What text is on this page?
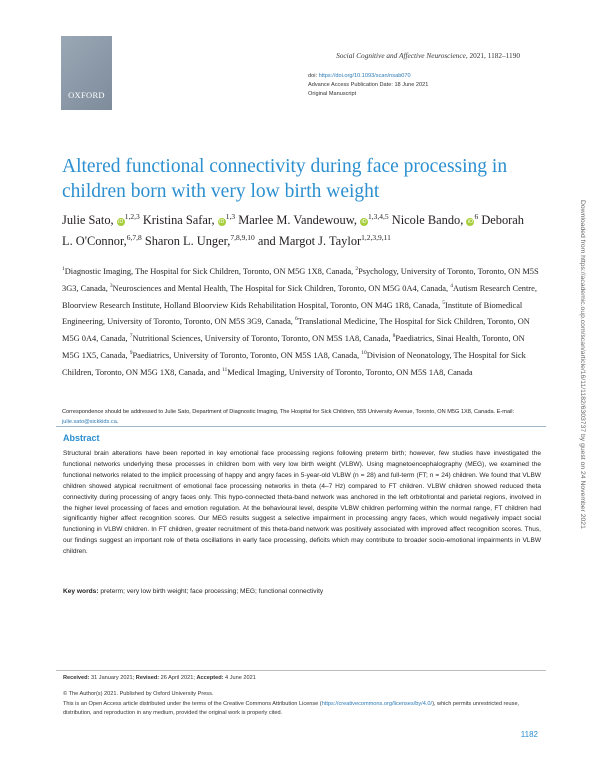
OXFORD
Social Cognitive and Affective Neuroscience, 2021, 1182–1190
doi: https://doi.org/10.1093/scan/nsab070
Advance Access Publication Date: 18 June 2021
Original Manuscript
Altered functional connectivity during face processing in children born with very low birth weight
Julie Sato, iD$^{1,2,3}$ Kristina Safar, iD$^{1,3}$ Marlee M. Vandewouw, iD$^{1,3,4,5}$ Nicole Bando, $iD^6$ Deborah L. O'Connor,$^{6,7,8}$ Sharon L. Unger,$^{7,8,9,10}$ and Margot J. Taylor$^{1,2,3,9,11}$
$^1$Diagnostic Imaging, The Hospital for Sick Children, Toronto, ON M5G 1X8, Canada, $^2$Psychology, University of Toronto, Toronto, ON M5S 3G3, Canada, $^3$Neurosciences and Mental Health, The Hospital for Sick Children, Toronto, ON M5G 0A4, Canada, $^4$Autism Research Centre, Bloorview Research Institute, Holland Bloorview Kids Rehabilitation Hospital, Toronto, ON M4G 1R8, Canada, $^5$Institute of Biomedical Engineering, University of Toronto, Toronto, ON M5S 3G9, Canada, $^6$Translational Medicine, The Hospital for Sick Children, Toronto, ON M5G 0A4, Canada, $^7$Nutritional Sciences, University of Toronto, Toronto, ON M5S 1A8, Canada, $^8$Paediatrics, Sinai Health, Toronto, ON M5G 1X5, Canada, $^9$Paediatrics, University of Toronto, Toronto, ON M5S 1A8, Canada, $^{10}$Division of Neonatology, The Hospital for Sick Children, Toronto, ON M5G 1X8, Canada, and $^{11}$Medical Imaging, University of Toronto, Toronto, ON M5S 1A8, Canada
Correspondence should be addressed to Julie Sato, Department of Diagnostic Imaging, The Hospital for Sick Children, 555 University Avenue, Toronto, ON M5G 1X8, Canada. E-mail: julie.sato@sickkids.ca.
Abstract

Structural brain alterations have been reported in key emotional face processing regions following preterm birth; however, few studies have investigated the functional networks underlying these processes in children born with very low birth weight (VLBW). Using magnetoencephalography (MEG), we examined the functional networks related to the implicit processing of happy and angry faces in 5-year-old VLBW (n = 28) and full-term (FT; n = 24) children. We found that VLBW children showed atypical recruitment of emotional face processing networks in theta (4–7 Hz) compared to FT children. VLBW children showed reduced theta connectivity during processing of angry faces only. This hypo-connected theta-band network was anchored in the left orbitofrontal and parietal regions, involved in the higher level processing of faces and emotion regulation. At the behavioural level, despite VLBW children performing within the normal range, FT children had significantly higher affect recognition scores. Our MEG results suggest a selective impairment in processing angry faces, which would negatively impact social functioning in VLBW children. In FT children, greater recruitment of this theta-band network was positively associated with improved affect recognition scores. Thus, our findings suggest an important role of theta oscillations in early face processing, deficits which may contribute to broader socio-emotional impairments in VLBW children.

Key words: preterm; very low birth weight; face processing; MEG; functional connectivity
Received: 31 January 2021; Revised: 26 April 2021; Accepted: 4 June 2021
© The Author(s) 2021. Published by Oxford University Press.
This is an Open Access article distributed under the terms of the Creative Commons Attribution License (https://creativecommons.org/licenses/by/4.0/), which permits unrestricted reuse, distribution, and reproduction in any medium, provided the original work is properly cited.
1182
Downloaded from https://academic.oup.com/scan/article/16/11/1182/6303737 by guest on 24 November 2021
